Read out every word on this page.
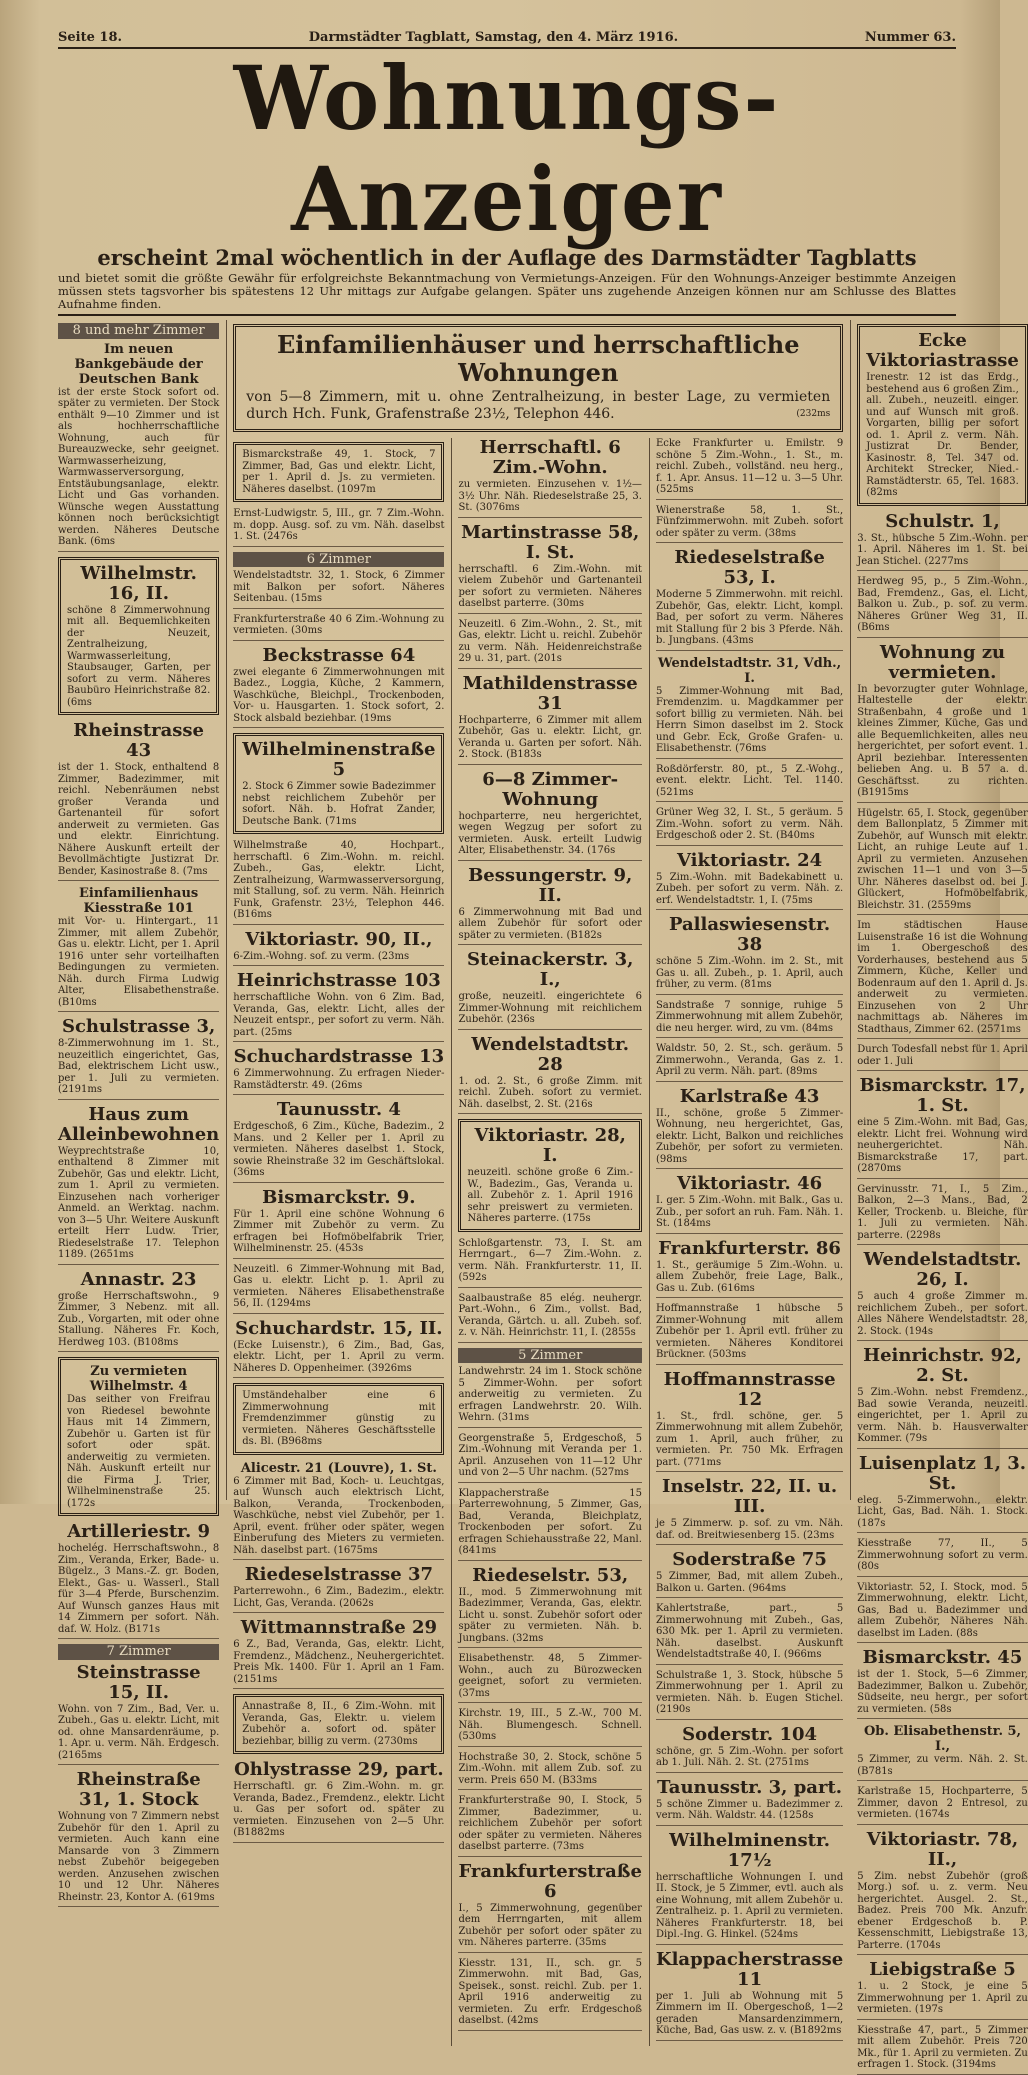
Seite 18.	Darmstädter Tagblatt, Samstag, den 4. März 1916.	Nummer 63.
Wohnungs-Anzeiger
erscheint 2mal wöchentlich in der Auflage des Darmstädter Tagblatts
und bietet somit die größte Gewähr für erfolgreichste Bekanntmachung von Vermietungs-Anzeigen. Für den Wohnungs-Anzeiger bestimmte Anzeigen müssen stets tagsvorher bis spätestens 12 Uhr mittags zur Aufgabe gelangen. Später uns zugehende Anzeigen können nur am Schlusse des Blattes Aufnahme finden.
8 und mehr Zimmer
Im neuen Bankgebäude der Deutschen Bank
ist der erste Stock sofort od. später zu vermieten. Der Stock enthält 9—10 Zimmer und ist als hochherrschaftliche Wohnung, auch für Bureauzwecke, sehr geeignet. Warmwasserheizung, Warmwasserversorgung, Entstäubungsanlage, elektr. Licht und Gas vorhanden. Wünsche wegen Ausstattung können noch berücksichtigt werden. Näheres Deutsche Bank. (6ms
Wilhelmstr. 16, II.
schöne 8 Zimmerwohnung mit all. Bequemlichkeiten der Neuzeit, Zentralheizung, Warmwasserleitung, Staubsauger, Garten, per sofort zu verm. Näheres Baubüro Heinrichstraße 82. (6ms
Rheinstrasse 43
ist der 1. Stock, enthaltend 8 Zimmer, Badezimmer, mit reichl. Nebenräumen nebst großer Veranda und Gartenanteil für sofort anderweit zu vermieten. Gas und elektr. Einrichtung. Nähere Auskunft erteilt der Bevollmächtigte Justizrat Dr. Bender, Kasinostraße 8. (7ms
Einfamilienhaus Kiesstraße 101
mit Vor- u. Hintergart., 11 Zimmer, mit allem Zubehör, Gas u. elektr. Licht, per 1. April 1916 unter sehr vorteilhaften Bedingungen zu vermieten. Näh. durch Firma Ludwig Alter, Elisabethenstraße. (B10ms
Schulstrasse 3,
8-Zimmerwohnung im 1. St., neuzeitlich eingerichtet, Gas, Bad, elektrischem Licht usw., per 1. Juli zu vermieten. (2191ms
Haus zum Alleinbewohnen
Weyprechtstraße 10, enthaltend 8 Zimmer mit Zubehör, Gas und elektr. Licht, zum 1. April zu vermieten. Einzusehen nach vorheriger Anmeld. an Werktag. nachm. von 3—5 Uhr. Weitere Auskunft erteilt Herr Ludw. Trier, Riedeselstraße 17. Telephon 1189. (2651ms
Annastr. 23
große Herrschaftswohn., 9 Zimmer, 3 Nebenz. mit all. Zub., Vorgarten, mit oder ohne Stallung. Näheres Fr. Koch, Herdweg 103. (B108ms
Zu vermieten Wilhelmstr. 4
Das seither von Freifrau von Riedesel bewohnte Haus mit 14 Zimmern, Zubehör u. Garten ist für sofort oder spät. anderweitig zu vermieten. Näh. Auskunft erteilt nur die Firma J. Trier, Wilhelminenstraße 25. (172s
Artilleriestr. 9
hochelég. Herrschaftswohn., 8 Zim., Veranda, Erker, Bade- u. Bügelz., 3 Mans.-Z. gr. Boden, Elekt., Gas- u. Wasserl., Stall für 3—4 Pferde, Burschenzim. Auf Wunsch ganzes Haus mit 14 Zimmern per sofort. Näh. daf. W. Holz. (B171s
7 Zimmer
Steinstrasse 15, II.
Wohn. von 7 Zim., Bad, Ver. u. Zubeh., Gas u. elektr. Licht, mit od. ohne Mansardenräume, p. 1. Apr. u. verm. Näh. Erdgesch. (2165ms
Rheinstraße 31, 1. Stock
Wohnung von 7 Zimmern nebst Zubehör für den 1. April zu vermieten. Auch kann eine Mansarde von 3 Zimmern nebst Zubehör beigegeben werden. Anzusehen zwischen 10 und 12 Uhr. Näheres Rheinstr. 23, Kontor A. (619ms
Einfamilienhäuser und herrschaftliche Wohnungen

von 5—8 Zimmern, mit u. ohne Zentralheizung, in bester Lage, zu vermieten durch Hch. Funk, Grafenstraße 23½, Telephon 446.	(232ms

Bismarckstraße 49, 1. Stock, 7 Zimmer, Bad, Gas und elektr. Licht, per 1. April d. Js. zu vermieten. Näheres daselbst. (1097m
Ernst-Ludwigstr. 5, III., gr. 7 Zim.-Wohn. m. dopp. Ausg. sof. zu vm. Näh. daselbst 1. St. (2476s
6 Zimmer
Wendelstadtstr. 32, 1. Stock, 6 Zimmer mit Balkon per sofort. Näheres Seitenbau. (15ms
Frankfurterstraße 40 6 Zim.-Wohnung zu vermieten. (30ms
Beckstrasse 64
zwei elegante 6 Zimmerwohnungen mit Badez., Loggia, Küche, 2 Kammern, Waschküche, Bleichpl., Trockenboden, Vor- u. Hausgarten. 1. Stock sofort, 2. Stock alsbald beziehbar. (19ms
Wilhelminenstraße 5
2. Stock 6 Zimmer sowie Badezimmer nebst reichlichem Zubehör per sofort. Näh. b. Hofrat Zander, Deutsche Bank. (71ms
Wilhelmstraße 40, Hochpart., herrschaftl. 6 Zim.-Wohn. m. reichl. Zubeh., Gas, elektr. Licht, Zentralheizung, Warmwasserversorgung, mit Stallung, sof. zu verm. Näh. Heinrich Funk, Grafenstr. 23½, Telephon 446. (B16ms
Viktoriastr. 90, II.,
6-Zim.-Wohng. sof. zu verm. (23ms
Heinrichstrasse 103
herrschaftliche Wohn. von 6 Zim. Bad, Veranda, Gas, elektr. Licht, alles der Neuzeit entspr., per sofort zu verm. Näh. part. (25ms
Schuchardstrasse 13
6 Zimmerwohnung. Zu erfragen Nieder-Ramstädterstr. 49. (26ms
Taunusstr. 4
Erdgeschoß, 6 Zim., Küche, Badezim., 2 Mans. und 2 Keller per 1. April zu vermieten. Näheres daselbst 1. Stock, sowie Rheinstraße 32 im Geschäftslokal. (36ms
Bismarckstr. 9.
Für 1. April eine schöne Wohnung 6 Zimmer mit Zubehör zu verm. Zu erfragen bei Hofmöbelfabrik Trier, Wilhelminenstr. 25. (453s
Neuzeitl. 6 Zimmer-Wohnung mit Bad, Gas u. elektr. Licht p. 1. April zu vermieten. Näheres Elisabethenstraße 56, II. (1294ms
Schuchardstr. 15, II.
(Ecke Luisenstr.), 6 Zim., Bad, Gas, elektr. Licht, per 1. April zu verm. Näheres D. Oppenheimer. (3926ms
Umständehalber eine 6 Zimmerwohnung mit Fremdenzimmer günstig zu vermieten. Näheres Geschäftsstelle ds. Bl. (B968ms
Alicestr. 21 (Louvre), 1. St.
6 Zimmer mit Bad, Koch- u. Leuchtgas, auf Wunsch auch elektrisch Licht, Balkon, Veranda, Trockenboden, Waschküche, nebst viel Zubehör, per 1. April, event. früher oder später, wegen Einberufung des Mieters zu vermieten. Näh. daselbst part. (1675ms
Riedeselstrasse 37
Parterrewohn., 6 Zim., Badezim., elektr. Licht, Gas, Veranda. (2062s
Wittmannstraße 29
6 Z., Bad, Veranda, Gas, elektr. Licht, Fremdenz., Mädchenz., Neuhergerichtet. Preis Mk. 1400. Für 1. April an 1 Fam. (2151ms
Annastraße 8, II., 6 Zim.-Wohn. mit Veranda, Gas, Elektr. u. vielem Zubehör a. sofort od. später beziehbar, billig zu verm. (2730ms
Ohlystrasse 29, part.
Herrschaftl. gr. 6 Zim.-Wohn. m. gr. Veranda, Badez., Fremdenz., elektr. Licht u. Gas per sofort od. später zu vermieten. Einzusehen von 2—5 Uhr. (B1882ms
Herrschaftl. 6 Zim.-Wohn.
zu vermieten. Einzusehen v. 1½—3½ Uhr. Näh. Riedeselstraße 25, 3. St. (3076ms
Martinstrasse 58, I. St.
herrschaftl. 6 Zim.-Wohn. mit vielem Zubehör und Gartenanteil per sofort zu vermieten. Näheres daselbst parterre. (30ms
Neuzeitl. 6 Zim.-Wohn., 2. St., mit Gas, elektr. Licht u. reichl. Zubehör zu verm. Näh. Heidenreichstraße 29 u. 31, part. (201s
Mathildenstrasse 31
Hochparterre, 6 Zimmer mit allem Zubehör, Gas u. elektr. Licht, gr. Veranda u. Garten per sofort. Näh. 2. Stock. (B183s
6—8 Zimmer-Wohnung
hochparterre, neu hergerichtet, wegen Wegzug per sofort zu vermieten. Ausk. erteilt Ludwig Alter, Elisabethenstr. 34. (176s
Bessungerstr. 9, II.
6 Zimmerwohnung mit Bad und allem Zubehör für sofort oder später zu vermieten. (B182s
Steinackerstr. 3, I.,
große, neuzeitl. eingerichtete 6 Zimmer-Wohnung mit reichlichem Zubehör. (236s
Wendelstadtstr. 28
1. od. 2. St., 6 große Zimm. mit reichl. Zubeh. sofort zu vermiet. Näh. daselbst, 2. St. (216s
Viktoriastr. 28, I.
neuzeitl. schöne große 6 Zim.-W., Badezim., Gas, Veranda u. all. Zubehör z. 1. April 1916 sehr preiswert zu vermieten. Näheres parterre. (175s
Schloßgartenstr. 73, I. St. am Herrngart., 6—7 Zim.-Wohn. z. verm. Näh. Frankfurterstr. 11, II. (592s
Saalbaustraße 85 elég. neuhergr. Part.-Wohn., 6 Zim., vollst. Bad, Veranda, Gärtch. u. all. Zubeh. sof. z. v. Näh. Heinrichstr. 11, I. (2855s
5 Zimmer
Landwehrstr. 24 im 1. Stock schöne 5 Zimmer-Wohn. per sofort anderweitig zu vermieten. Zu erfragen Landwehrstr. 20. Wilh. Wehrn. (31ms
Georgenstraße 5, Erdgeschoß, 5 Zim.-Wohnung mit Veranda per 1. April. Anzusehen von 11—12 Uhr und von 2—5 Uhr nachm. (527ms
Klappacherstraße 15 Parterrewohnung, 5 Zimmer, Gas, Bad, Veranda, Bleichplatz, Trockenboden per sofort. Zu erfragen Schiehausstraße 22, Manl. (841ms
Riedeselstr. 53,
II., mod. 5 Zimmerwohnung mit Badezimmer, Veranda, Gas, elektr. Licht u. sonst. Zubehör sofort oder später zu vermieten. Näh. b. Jungbans. (32ms
Elisabethenstr. 48, 5 Zimmer-Wohn., auch zu Bürozwecken geeignet, sofort zu vermieten. (37ms
Kirchstr. 19, III., 5 Z.-W., 700 M. Näh. Blumengesch. Schnell. (530ms
Hochstraße 30, 2. Stock, schöne 5 Zim.-Wohn. mit allem Zub. sof. zu verm. Preis 650 M. (B33ms
Frankfurterstraße 90, I. Stock, 5 Zimmer, Badezimmer, u. reichlichem Zubehör per sofort oder später zu vermieten. Näheres daselbst parterre. (73ms
Frankfurterstraße 6
I., 5 Zimmerwohnung, gegenüber dem Herrngarten, mit allem Zubehör per sofort oder später zu vm. Näheres parterre. (35ms
Kiesstr. 131, II., sch. gr. 5 Zimmerwohn. mit Bad, Gas, Speisek., sonst. reichl. Zub. per 1. April 1916 anderweitig zu vermieten. Zu erfr. Erdgeschoß daselbst. (42ms
Ecke Frankfurter u. Emilstr. 9 schöne 5 Zim.-Wohn., 1. St., m. reichl. Zubeh., vollständ. neu herg., f. 1. Apr. Ansus. 11—12 u. 3—5 Uhr. (525ms
Wienerstraße 58, 1. St., Fünfzimmerwohn. mit Zubeh. sofort oder später zu verm. (38ms
Riedeselstraße 53, I.
Moderne 5 Zimmerwohn. mit reichl. Zubehör, Gas, elektr. Licht, kompl. Bad, per sofort zu verm. Näheres mit Stallung für 2 bis 3 Pferde. Näh. b. Jungbans. (43ms
Wendelstadtstr. 31, Vdh., I.
5 Zimmer-Wohnung mit Bad, Fremdenzim. u. Magdkammer per sofort billig zu vermieten. Näh. bei Herrn Simon daselbst im 2. Stock und Gebr. Eck, Große Grafen- u. Elisabethenstr. (76ms
Roßdörferstr. 80, pt., 5 Z.-Wohg., event. elektr. Licht. Tel. 1140. (521ms
Grüner Weg 32, I. St., 5 geräum. 5 Zim.-Wohn. sofort zu verm. Näh. Erdgeschoß oder 2. St. (B40ms
Viktoriastr. 24
5 Zim.-Wohn. mit Badekabinett u. Zubeh. per sofort zu verm. Näh. z. erf. Wendelstadtstr. 1, I. (75ms
Pallaswiesenstr. 38
schöne 5 Zim.-Wohn. im 2. St., mit Gas u. all. Zubeh., p. 1. April, auch früher, zu verm. (81ms
Sandstraße 7 sonnige, ruhige 5 Zimmerwohnung mit allem Zubehör, die neu herger. wird, zu vm. (84ms
Waldstr. 50, 2. St., sch. geräum. 5 Zimmerwohn., Veranda, Gas z. 1. April zu verm. Näh. part. (89ms
Karlstraße 43
II., schöne, große 5 Zimmer-Wohnung, neu hergerichtet, Gas, elektr. Licht, Balkon und reichliches Zubehör, per sofort zu vermieten. (98ms
Viktoriastr. 46
I. ger. 5 Zim.-Wohn. mit Balk., Gas u. Zub., per sofort an ruh. Fam. Näh. 1. St. (184ms
Frankfurterstr. 86
1. St., geräumige 5 Zim.-Wohn. u. allem Zubehör, freie Lage, Balk., Gas u. Zub. (616ms
Hoffmannstraße 1 hübsche 5 Zimmer-Wohnung mit allem Zubehör per 1. April evtl. früher zu vermieten. Näheres Konditorei Brückner. (503ms
Hoffmannstrasse 12
1. St., frdl. schöne, ger. 5 Zimmerwohnung mit allem Zubehör, zum 1. April, auch früher, zu vermieten. Pr. 750 Mk. Erfragen part. (771ms
Inselstr. 22, II. u. III.
je 5 Zimmerw. p. sof. zu vm. Näh. daf. od. Breitwiesenberg 15. (23ms
Soderstraße 75
5 Zimmer, Bad, mit allem Zubeh., Balkon u. Garten. (964ms
Kahlertstraße, part., 5 Zimmerwohnung mit Zubeh., Gas, 630 Mk. per 1. April zu vermieten. Näh. daselbst. Auskunft Wendelstadtstraße 40, I. (966ms
Schulstraße 1, 3. Stock, hübsche 5 Zimmerwohnung per 1. April zu vermieten. Näh. b. Eugen Stichel. (2190s
Soderstr. 104
schöne, gr. 5 Zim.-Wohn. per sofort ab 1. Juli. Näh. 2. St. (2751ms
Taunusstr. 3, part.
5 schöne Zimmer u. Badezimmer z. verm. Näh. Waldstr. 44. (1258s
Wilhelminenstr. 17½
herrschaftliche Wohnungen I. und II. Stock, je 5 Zimmer, evtl. auch als eine Wohnung, mit allem Zubehör u. Zentralheiz. p. 1. April zu vermieten. Näheres Frankfurterstr. 18, bei Dipl.-Ing. G. Hinkel. (524ms
Klappacherstrasse 11
per 1. Juli ab Wohnung mit 5 Zimmern im II. Obergeschoß, 1—2 geraden Mansardenzimmern, Küche, Bad, Gas usw. z. v. (B1892ms
Ecke Viktoriastrasse
Irenestr. 12 ist das Erdg., bestehend aus 6 großen Zim., all. Zubeh., neuzeitl. einger. und auf Wunsch mit groß. Vorgarten, billig per sofort od. 1. April z. verm. Näh. Justizrat Dr. Bender, Kasinostr. 8, Tel. 347 od. Architekt Strecker, Nied.-Ramstädterstr. 65, Tel. 1683. (82ms
Schulstr. 1,
3. St., hübsche 5 Zim.-Wohn. per 1. April. Näheres im 1. St. bei Jean Stichel. (2277ms
Herdweg 95, p., 5 Zim.-Wohn., Bad, Fremdenz., Gas, el. Licht, Balkon u. Zub., p. sof. zu verm. Näheres Grüner Weg 31, II. (B6ms
Wohnung zu vermieten.
In bevorzugter guter Wohnlage, Haltestelle der elektr. Straßenbahn, 4 große und 1 kleines Zimmer, Küche, Gas und alle Bequemlichkeiten, alles neu hergerichtet, per sofort event. 1. April beziehbar. Interessenten belieben Ang. u. B 57 a. d. Geschäftsst. zu richten. (B1915ms
Hügelstr. 65, I. Stock, gegenüber dem Ballonplatz, 5 Zimmer mit Zubehör, auf Wunsch mit elektr. Licht, an ruhige Leute auf 1. April zu vermieten. Anzusehen zwischen 11—1 und von 3—5 Uhr. Näheres daselbst od. bei J. Glückert, Hofmöbelfabrik, Bleichstr. 31. (2559ms
Im städtischen Hause Luisenstraße 16 ist die Wohnung im 1. Obergeschoß des Vorderhauses, bestehend aus 5 Zimmern, Küche, Keller und Bodenraum auf den 1. April d. Js. anderweit zu vermieten. Einzusehen von 2 Uhr nachmittags ab. Näheres im Stadthaus, Zimmer 62. (2571ms
Durch Todesfall nebst für 1. April oder 1. Juli
Bismarckstr. 17, 1. St.
eine 5 Zim.-Wohn. mit Bad, Gas, elektr. Licht frei. Wohnung wird neuhergerichtet. Näh. Bismarckstraße 17, part. (2870ms
Gervinusstr. 71, I., 5 Zim., Balkon, 2—3 Mans., Bad, 2 Keller, Trockenb. u. Bleiche, für 1. Juli zu vermieten. Näh. parterre. (2298s
Wendelstadtstr. 26, I.
5 auch 4 große Zimmer m. reichlichem Zubeh., per sofort. Alles Nähere Wendelstadtstr. 28, 2. Stock. (194s
Heinrichstr. 92, 2. St.
5 Zim.-Wohn. nebst Fremdenz., Bad sowie Veranda, neuzeitl. eingerichtet, per 1. April zu verm. Näh. b. Hausverwalter Kommer. (79s
Luisenplatz 1, 3. St.
eleg. 5-Zimmerwohn., elektr. Licht, Gas, Bad. Näh. 1. Stock. (187s
Kiesstraße 77, II., 5 Zimmerwohnung sofort zu verm. (80s
Viktoriastr. 52, I. Stock, mod. 5 Zimmerwohnung, elektr. Licht, Gas, Bad u. Badezimmer und allem Zubehör, Näheres Näh. daselbst im Laden. (88s
Bismarckstr. 45
ist der 1. Stock, 5—6 Zimmer, Badezimmer, Balkon u. Zubehör, Südseite, neu hergr., per sofort zu vermieten. (58s
Ob. Elisabethenstr. 5, I.,
5 Zimmer, zu verm. Näh. 2. St. (B781s
Karlstraße 15, Hochparterre, 5 Zimmer, davon 2 Entresol, zu vermieten. (1674s
Viktoriastr. 78, II.,
5 Zim. nebst Zubehör (groß Morg.) sof. u. z. verm. Neu hergerichtet. Ausgel. 2. St., Badez. Preis 700 Mk. Anzufr. ebener Erdgeschoß b. P. Kessenschmitt, Liebigstraße 13, Parterre. (1704s
Liebigstraße 5
1. u. 2 Stock, je eine 5 Zimmerwohnung per 1. April zu vermieten. (197s
Kiesstraße 47, part., 5 Zimmer mit allem Zubehör. Preis 720 Mk., für 1. April zu vermieten. Zu erfragen 1. Stock. (3194ms
